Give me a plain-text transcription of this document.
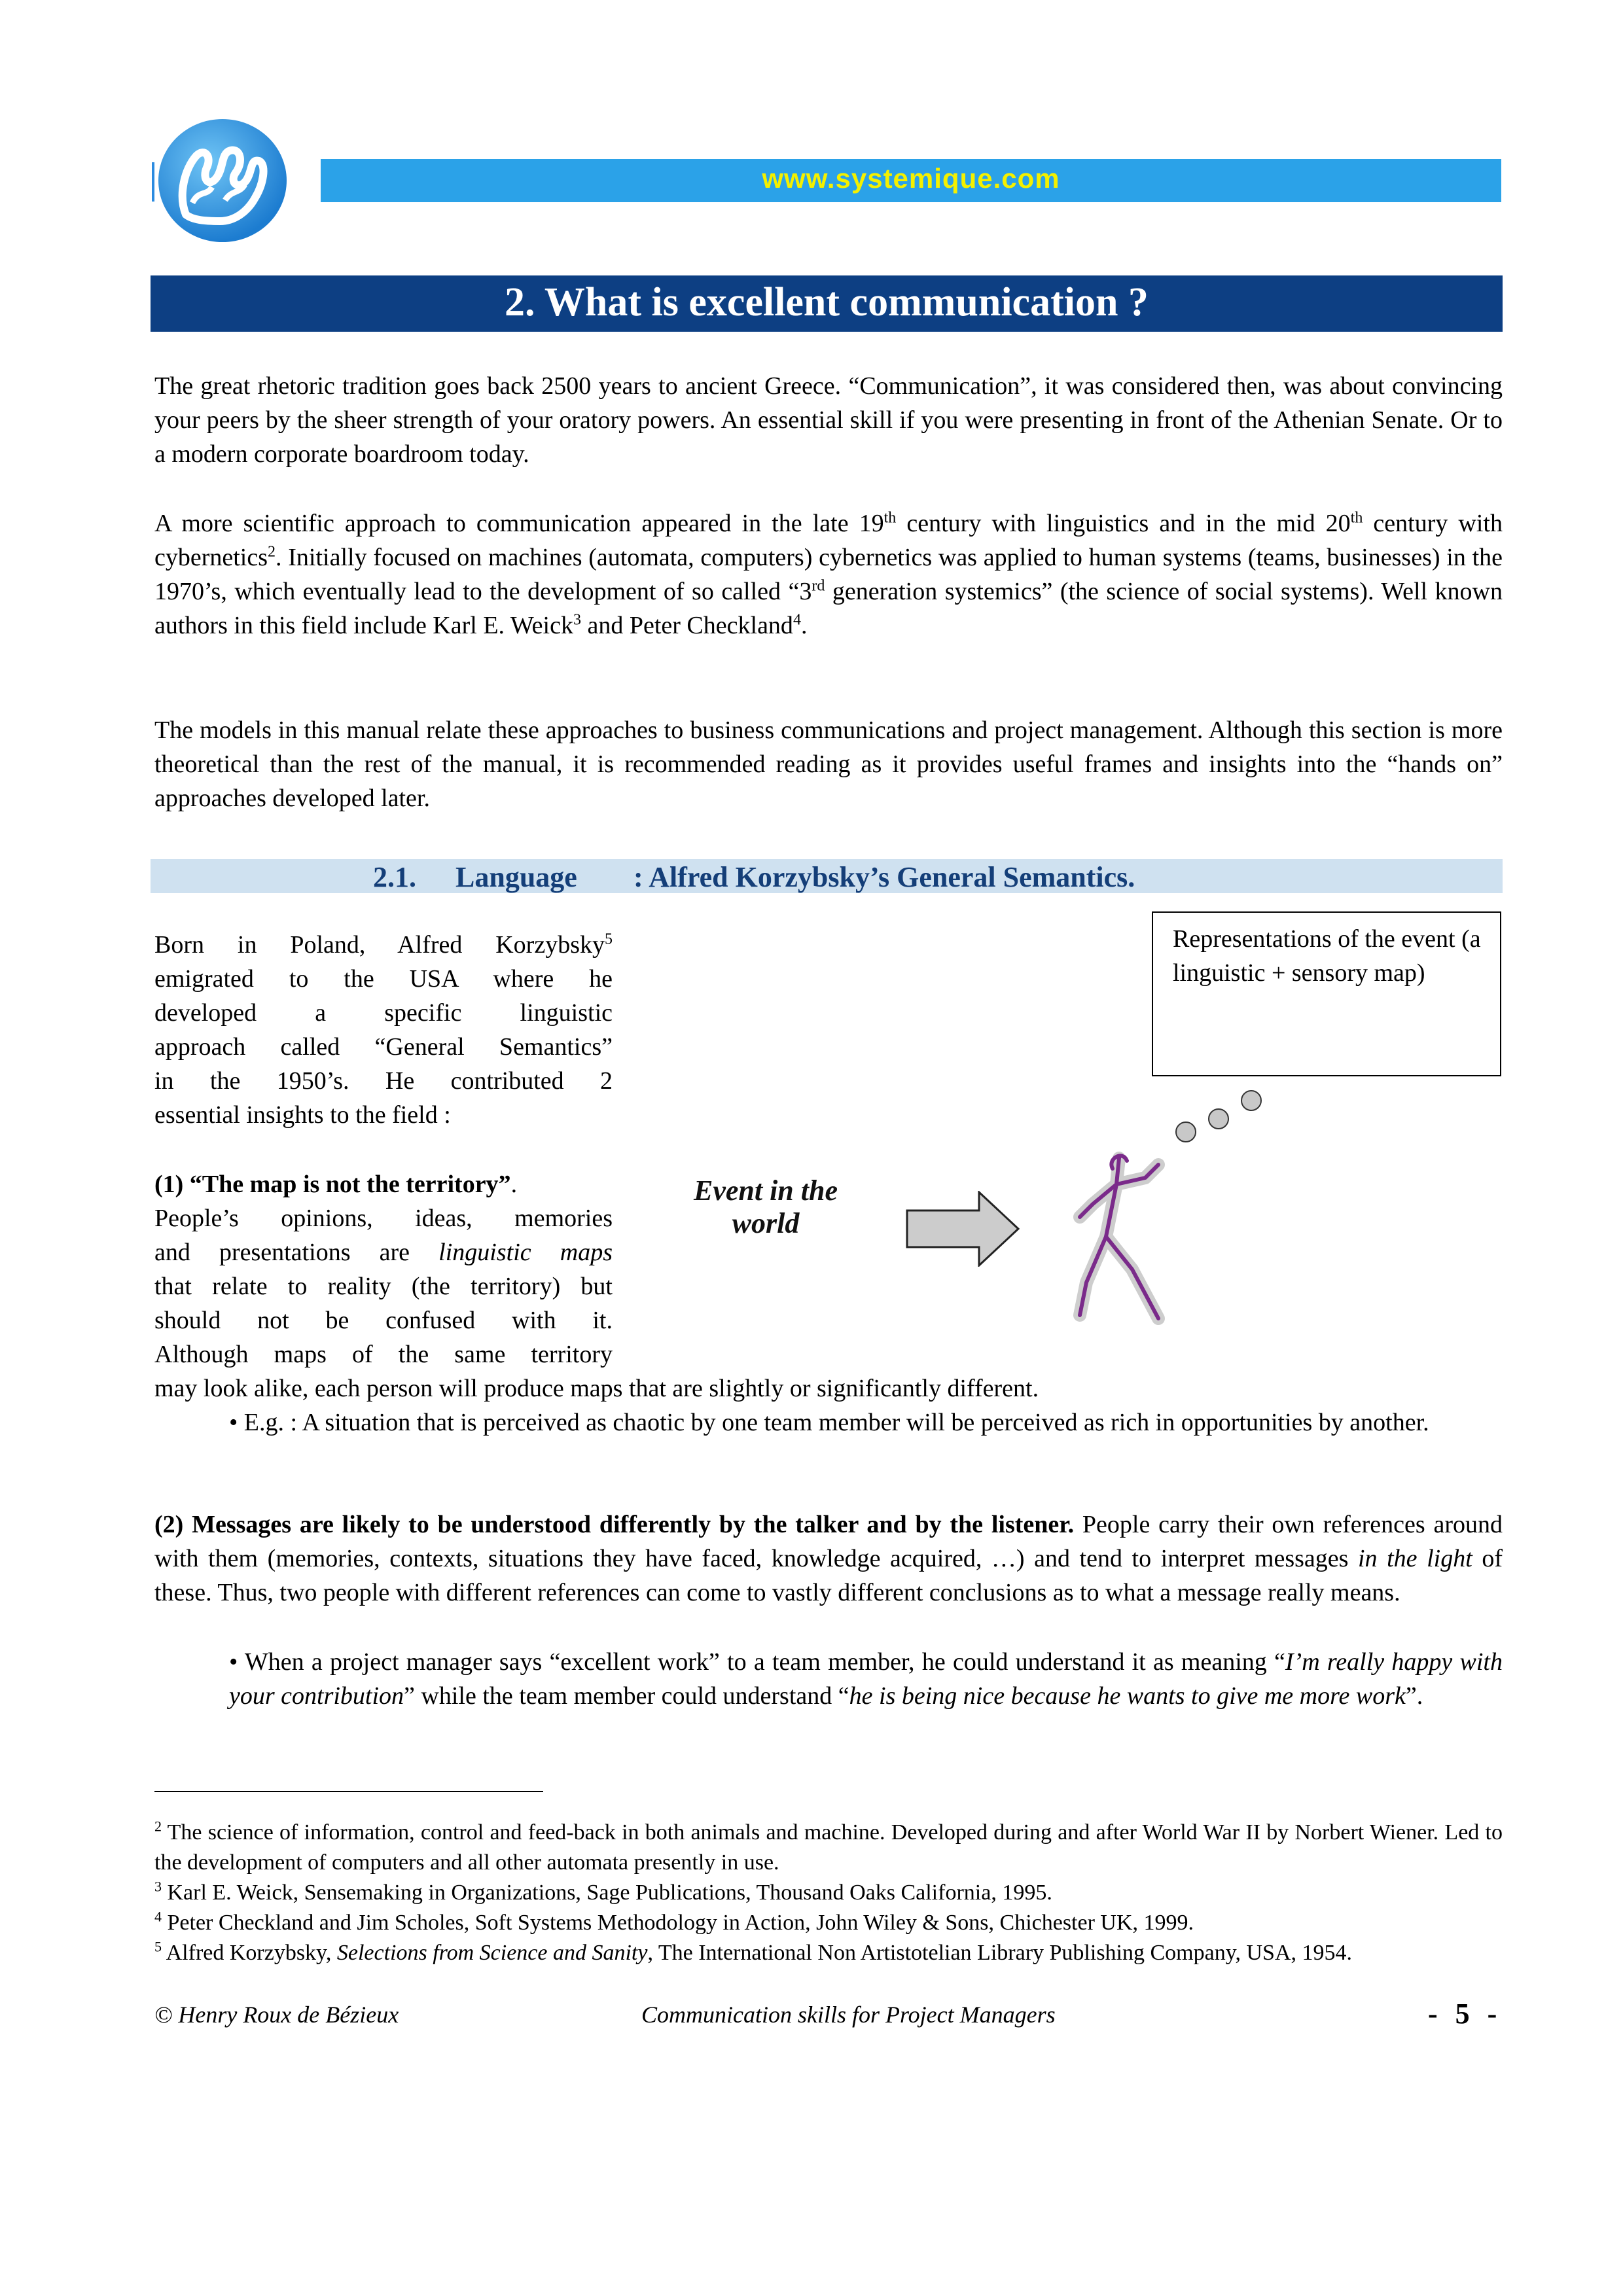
www.systemique.com
2. What is excellent communication ?
The great rhetoric tradition goes back 2500 years to ancient Greece. “Communication”, it was considered then, was about convincing your peers by the sheer strength of your oratory powers. An essential skill if you were presenting in front of the Athenian Senate. Or to a modern corporate boardroom today.
A more scientific approach to communication appeared in the late 19th century with linguistics and in the mid 20th century with cybernetics$^2$. Initially focused on machines (automata, computers) cybernetics was applied to human systems (teams, businesses) in the 1970’s, which eventually lead to the development of so called “3rd generation systemics” (the science of social systems). Well known authors in this field include Karl E. Weick$^3$ and Peter Checkland$^4$.
The models in this manual relate these approaches to business communications and project management. Although this section is more theoretical than the rest of the manual, it is recommended reading as it provides useful frames and insights into the “hands on” approaches developed later.
2.1. Language : Alfred Korzybsky’s General Semantics.
Born in Poland, Alfred Korzybsky$^5$
emigrated to the USA where he
developed a specific linguistic
approach called “General Semantics”
in the 1950’s. He contributed 2
essential insights to the field :
(1) “The map is not the territory”.
People’s opinions, ideas, memories
and presentations are linguistic maps
that relate to reality (the territory) but
should not be confused with it.
Although maps of the same territory
may look alike, each person will produce maps that are slightly or significantly different.
• E.g. : A situation that is perceived as chaotic by one team member will be perceived as rich in opportunities by another.
Representations of the event (a linguistic + sensory map)
Event in the
world
(2) Messages are likely to be understood differently by the talker and by the listener. People carry their own references around with them (memories, contexts, situations they have faced, knowledge acquired, …) and tend to interpret messages in the light of these. Thus, two people with different references can come to vastly different conclusions as to what a message really means.
• When a project manager says “excellent work” to a team member, he could understand it as meaning “I’m really happy with your contribution” while the team member could understand “he is being nice because he wants to give me more work”.
$^2$ The science of information, control and feed-back in both animals and machine. Developed during and after World War II by Norbert Wiener. Led to the development of computers and all other automata presently in use.
$^3$ Karl E. Weick, Sensemaking in Organizations, Sage Publications, Thousand Oaks California, 1995.
$^4$ Peter Checkland and Jim Scholes, Soft Systems Methodology in Action, John Wiley & Sons, Chichester UK, 1999.
$^5$ Alfred Korzybsky, Selections from Science and Sanity, The International Non Artistotelian Library Publishing Company, USA, 1954.
© Henry Roux de Bézieux	Communication skills for Project Managers	- 5 -
